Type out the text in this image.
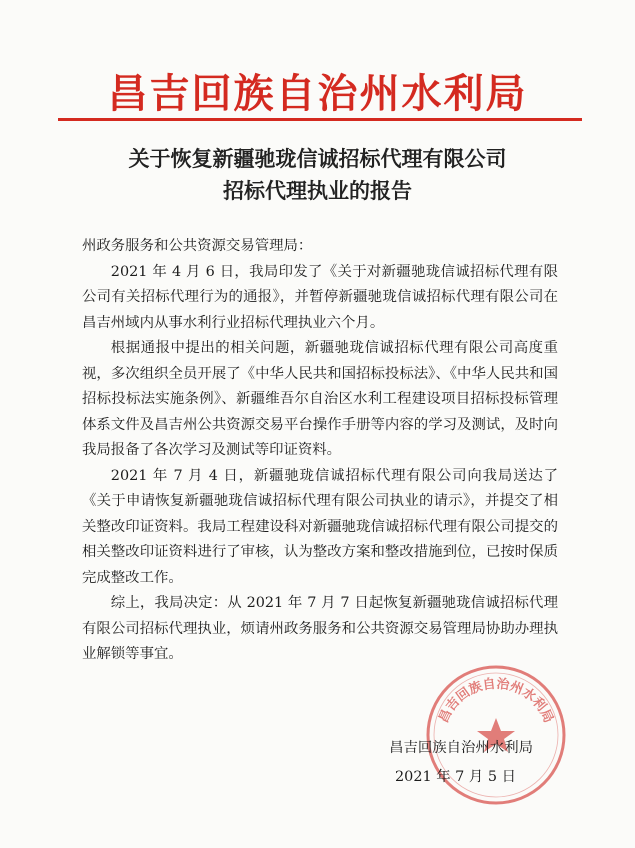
昌吉回族自治州水利局
关于恢复新疆驰珑信诚招标代理有限公司
招标代理执业的报告

州政务服务和公共资源交易管理局：

2021 年 4 月 6 日，我局印发了《关于对新疆驰珑信诚招标代理有限公司有关招标代理行为的通报》，并暂停新疆驰珑信诚招标代理有限公司在昌吉州域内从事水利行业招标代理执业六个月。

根据通报中提出的相关问题，新疆驰珑信诚招标代理有限公司高度重视，多次组织全员开展了《中华人民共和国招标投标法》、《中华人民共和国招标投标法实施条例》、新疆维吾尔自治区水利工程建设项目招标投标管理体系文件及昌吉州公共资源交易平台操作手册等内容的学习及测试，及时向我局报备了各次学习及测试等印证资料。

2021 年 7 月 4 日，新疆驰珑信诚招标代理有限公司向我局送达了《关于申请恢复新疆驰珑信诚招标代理有限公司执业的请示》，并提交了相关整改印证资料。我局工程建设科对新疆驰珑信诚招标代理有限公司提交的相关整改印证资料进行了审核，认为整改方案和整改措施到位，已按时保质完成整改工作。

综上，我局决定：从 2021 年 7 月 7 日起恢复新疆驰珑信诚招标代理有限公司招标代理执业，烦请州政务服务和公共资源交易管理局协助办理执业解锁等事宜。

昌吉回族自治州水利局
昌吉回族自治州水利局
2021 年 7 月 5 日
